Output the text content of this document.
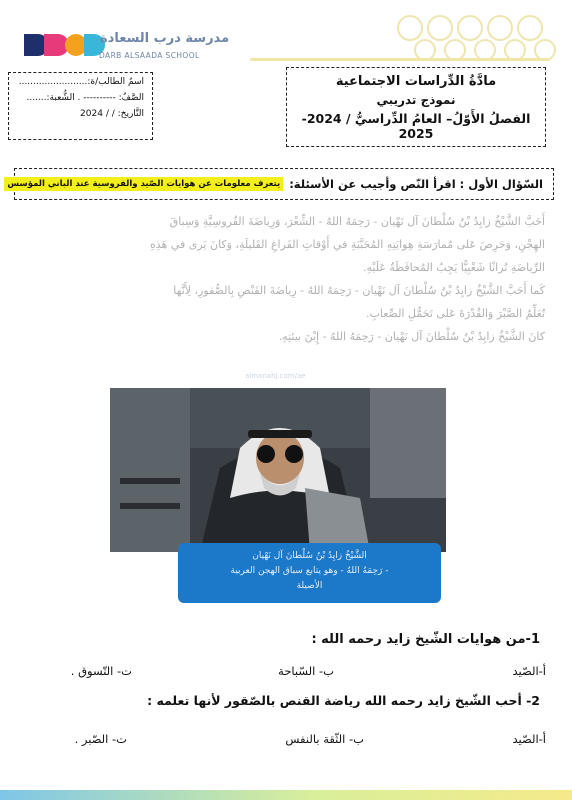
مدرسة درب السعادة
DARB ALSAADA SCHOOL
اسمُ الطالب/ة:........................
الصَّفُ: ---------- . الشُّعبة:.......
التَّاريخ: / / 2024
مادَّةُ الدِّراسات الاجتماعية
نموذج تدريبي
الفصلُ الأَوّلُ– العامُ الدِّراسيُّ / 2024-2025
السّؤال الأول : اقرأ النّص وأجيب عن الأسئلة:
يتعرف معلومات عن هوايات الصّيد والفروسية عند الباني المؤسس

أَحَبَّ الشَّيْخُ زايِدُ بْنُ سُلْطانَ آل نَهْيان - رَحِمَهُ اللهُ - الشِّعْرَ، وَرِياضَةَ الفُروسِيَّةِ وَسِباقَ

الهِجْنِ، وَحَرِصَ عَلى مُمارَسَةِ هِوايَتِهِ المُحَبَّبَةِ في أَوْقاتِ الفَراغِ القَليلَةِ، وَكانَ يَرى في هَذِهِ

الرِّياضَةِ تُراثًا شَعْبِيًّا يَجِبُ المُحافَظَةُ عَلَيْهِ.

كَما أَحَبَّ الشَّيْخُ زايِدُ بْنُ سُلْطانَ آل نَهْيان - رَحِمَهُ اللهُ - رِياضَةَ القَنْصِ بِالصُّقورِ، لِأَنَّها

تُعَلِّمُ الصَّبْرَ وَالقُدْرَةَ عَلى تَحَمُّلِ الصِّعابِ.

كانَ الشَّيْخُ زايِدُ بْنُ سُلْطانَ آل نَهْيان - رَحِمَهُ اللهُ - إِبْنَ بيئتِهِ.

almanahj.com/ae
الشَّيْخُ زايِدُ بْنُ سُلْطانَ آل نَهْيان
- رَحِمَهُ اللهُ - وهو يتابع سباق الهجن العربية
الأصيلة
1-من هوايات الشّيخ زايد رحمه الله :
أ-الصّيد
ب- السّباحة
ت- التّسوق .
2- أحب الشّيخ زايد رحمه الله رياضة القنص بالصّقور لأنها تعلمه :
أ-الصّيد
ب- الثّقة بالنفس
ت- الصّبر .
